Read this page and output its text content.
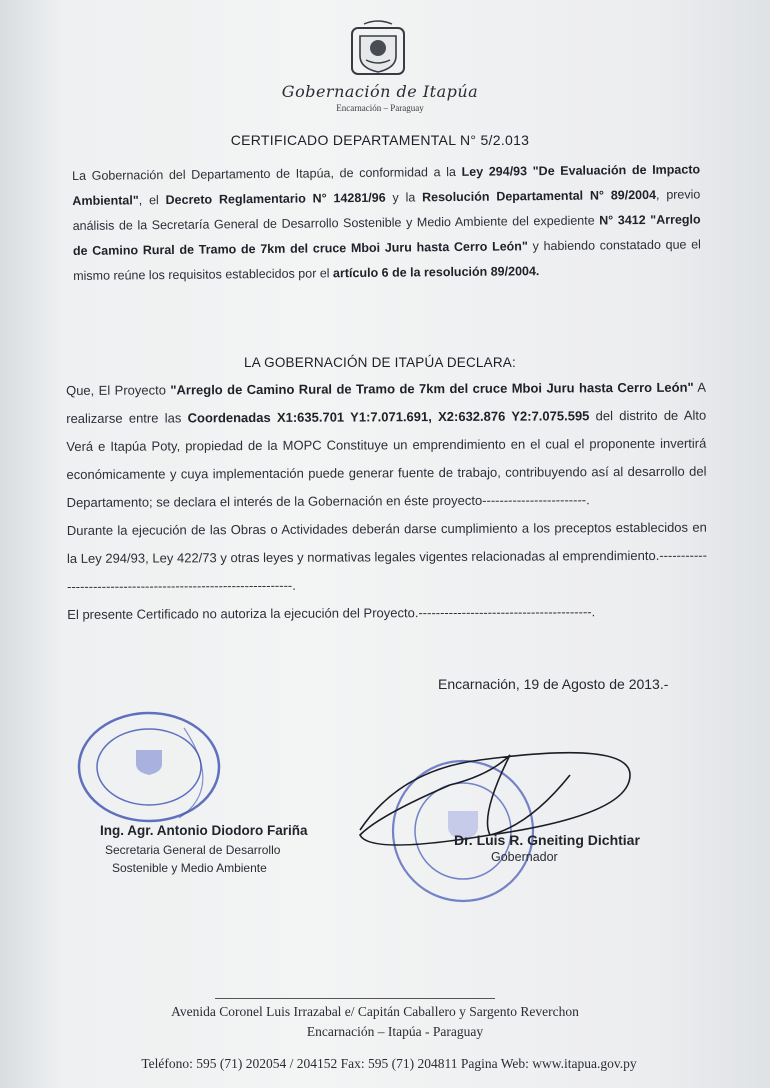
Gobernación de Itapúa
Encarnación – Paraguay
CERTIFICADO DEPARTAMENTAL N° 5/2.013
La Gobernación del Departamento de Itapúa, de conformidad a la Ley 294/93 "De Evaluación de Impacto Ambiental", el Decreto Reglamentario N° 14281/96 y la Resolución Departamental N° 89/2004, previo análisis de la Secretaría General de Desarrollo Sostenible y Medio Ambiente del expediente N° 3412 "Arreglo de Camino Rural de Tramo de 7km del cruce Mboi Juru hasta Cerro León" y habiendo constatado que el mismo reúne los requisitos establecidos por el artículo 6 de la resolución 89/2004.
LA GOBERNACIÓN DE ITAPÚA DECLARA:
Que, El Proyecto "Arreglo de Camino Rural de Tramo de 7km del cruce Mboi Juru hasta Cerro León" A realizarse entre las Coordenadas X1:635.701 Y1:7.071.691, X2:632.876 Y2:7.075.595 del distrito de Alto Verá e Itapúa Poty, propiedad de la MOPC Constituye un emprendimiento en el cual el proponente invertirá económicamente y cuya implementación puede generar fuente de trabajo, contribuyendo así al desarrollo del Departamento; se declara el interés de la Gobernación en éste proyecto------------------------.
Durante la ejecución de las Obras o Actividades deberán darse cumplimiento a los preceptos establecidos en la Ley 294/93, Ley 422/73 y otras leyes y normativas legales vigentes relacionadas al emprendimiento.---------------------------------------------------------------.
El presente Certificado no autoriza la ejecución del Proyecto.----------------------------------------.
Encarnación, 19 de Agosto de 2013.-
Ing. Agr. Antonio Diodoro Fariña
Secretaria General de Desarrollo
Sostenible y Medio Ambiente
Dr. Luis R. Gneiting Dichtiar
Gobernador
Avenida Coronel Luis Irrazabal e/ Capitán Caballero y Sargento Reverchon
Encarnación – Itapúa - Paraguay
Teléfono: 595 (71) 202054 / 204152 Fax: 595 (71) 204811 Pagina Web: www.itapua.gov.py
